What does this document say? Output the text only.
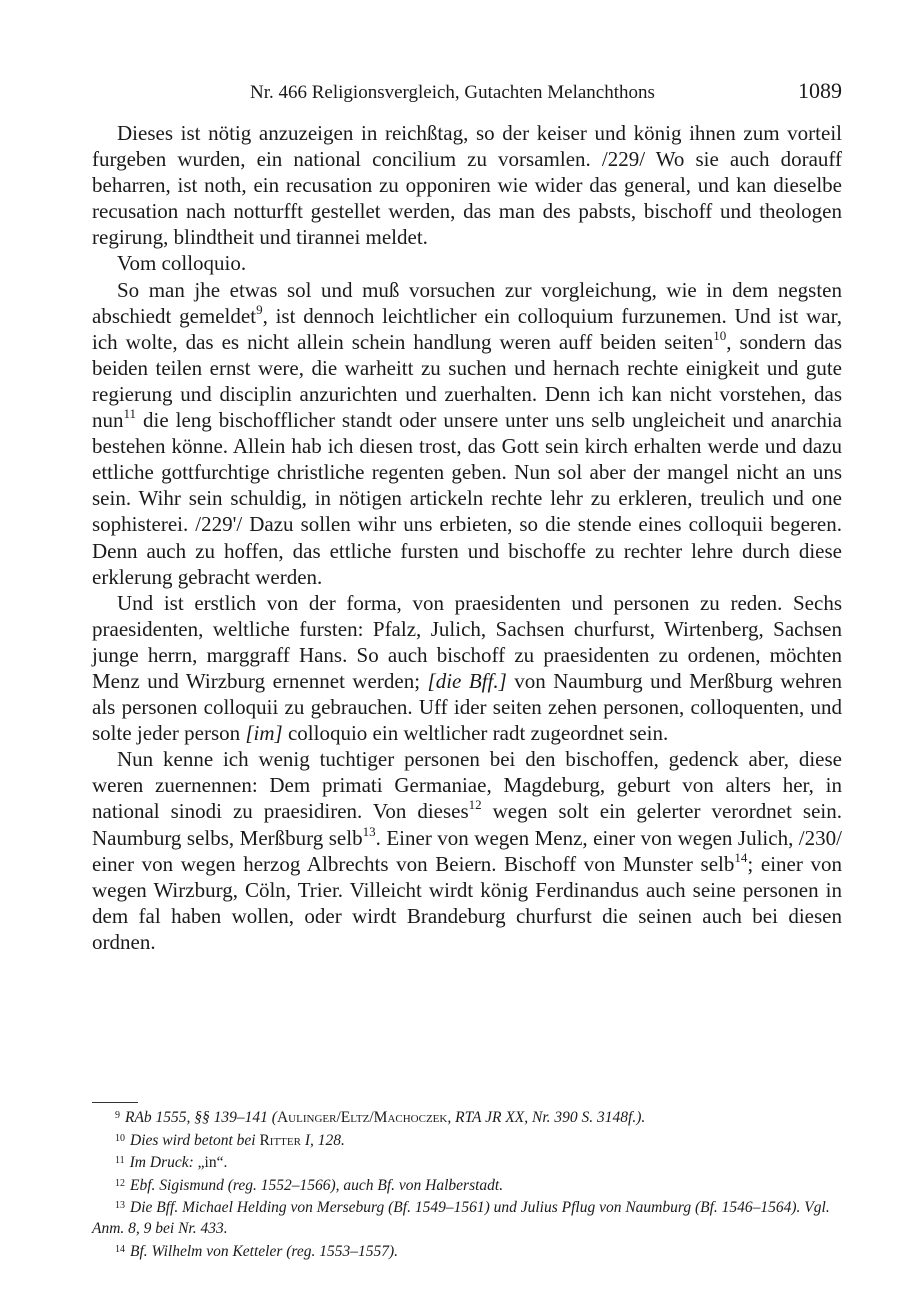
Nr. 466 Religionsvergleich, Gutachten Melanchthons	1089

Dieses ist nötig anzuzeigen in reichßtag, so der keiser und könig ihnen zum vorteil furgeben wurden, ein national concilium zu vorsamlen. /229/ Wo sie auch dorauff beharren, ist noth, ein recusation zu opponiren wie wider das general, und kan dieselbe recusation nach notturfft gestellet werden, das man des pabsts, bischoff und theologen regirung, blindtheit und tirannei meldet.

Vom colloquio.

So man jhe etwas sol und muß vorsuchen zur vorgleichung, wie in dem negsten abschiedt gemeldet$^9$, ist dennoch leichtlicher ein colloquium furzunemen. Und ist war, ich wolte, das es nicht allein schein handlung weren auff beiden seiten$^{10}$, sondern das beiden teilen ernst were, die warheitt zu suchen und hernach rechte einigkeit und gute regierung und disciplin anzurichten und zuerhalten. Denn ich kan nicht vorstehen, das nun$^{11}$ die leng bischofflicher standt oder unsere unter uns selb ungleicheit und anarchia bestehen könne. Allein hab ich diesen trost, das Gott sein kirch erhalten werde und dazu ettliche gottfurchtige christliche regenten geben. Nun sol aber der mangel nicht an uns sein. Wihr sein schuldig, in nötigen artickeln rechte lehr zu erkleren, treulich und one sophisterei. /229'/ Dazu sollen wihr uns erbieten, so die stende eines colloquii begeren. Denn auch zu hoffen, das ettliche fursten und bischoffe zu rechter lehre durch diese erklerung gebracht werden.

Und ist erstlich von der forma, von praesidenten und personen zu reden. Sechs praesidenten, weltliche fursten: Pfalz, Julich, Sachsen churfurst, Wirtenberg, Sachsen junge herrn, marggraff Hans. So auch bischoff zu praesidenten zu ordenen, möchten Menz und Wirzburg ernennet werden; [die Bff.] von Naumburg und Merßburg wehren als personen colloquii zu gebrauchen. Uff ider seiten zehen personen, colloquenten, und solte jeder person [im] colloquio ein weltlicher radt zugeordnet sein.

Nun kenne ich wenig tuchtiger personen bei den bischoffen, gedenck aber, diese weren zuernennen: Dem primati Germaniae, Magdeburg, geburt von alters her, in national sinodi zu praesidiren. Von dieses$^{12}$ wegen solt ein gelerter verordnet sein. Naumburg selbs, Merßburg selb$^{13}$. Einer von wegen Menz, einer von wegen Julich, /230/ einer von wegen herzog Albrechts von Beiern. Bischoff von Munster selb$^{14}$; einer von wegen Wirzburg, Cöln, Trier. Villeicht wirdt könig Ferdinandus auch seine personen in dem fal haben wollen, oder wirdt Brandeburg churfurst die seinen auch bei diesen ordnen.

$^9$ RAb 1555, §§ 139–141 (Aulinger/Eltz/Machoczek, RTA JR XX, Nr. 390 S. 3148f.).

$^{10}$ Dies wird betont bei Ritter I, 128.

$^{11}$ Im Druck: „in“.

$^{12}$ Ebf. Sigismund (reg. 1552–1566), auch Bf. von Halberstadt.

$^{13}$ Die Bff. Michael Helding von Merseburg (Bf. 1549–1561) und Julius Pflug von Naumburg (Bf. 1546–1564). Vgl. Anm. 8, 9 bei Nr. 433.

$^{14}$ Bf. Wilhelm von Ketteler (reg. 1553–1557).
